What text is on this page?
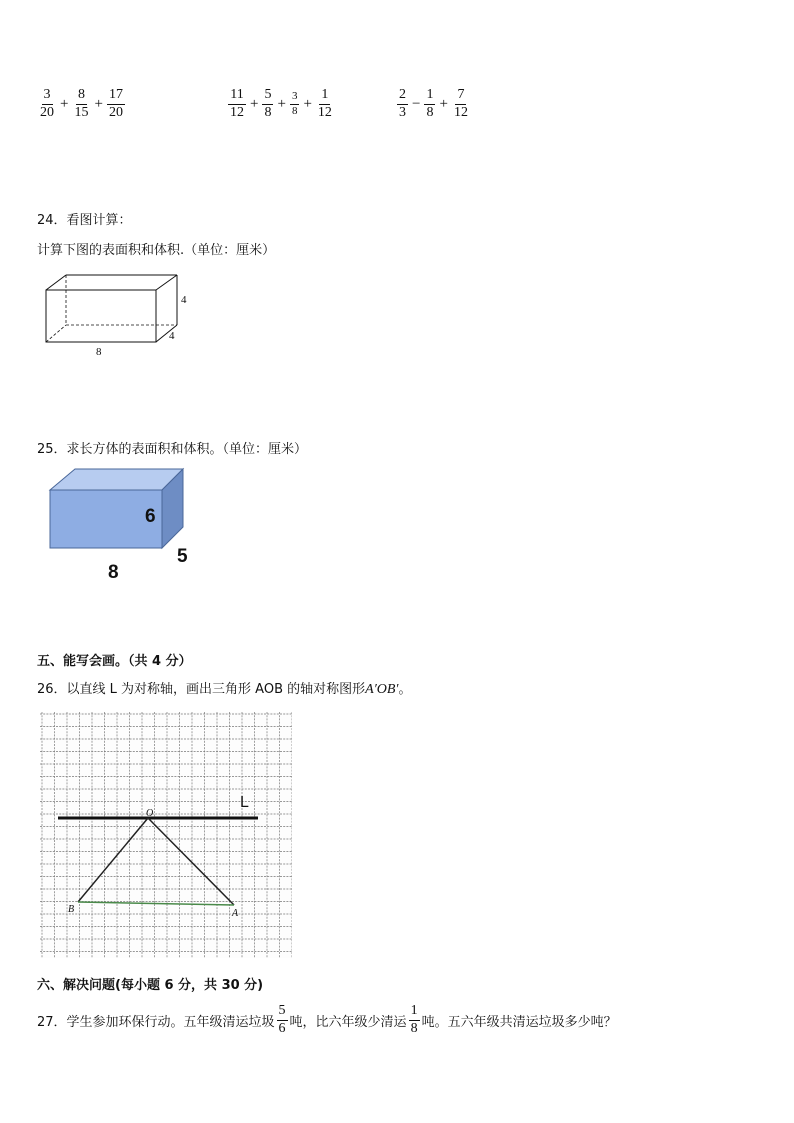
$\frac{3}{20} + \frac{8}{15} + \frac{17}{20}$	$\frac{11}{12} + \frac{5}{8} + \frac{3}{8} + \frac{1}{12}$	$\frac{2}{3} - \frac{1}{8} + \frac{7}{12}$
24．看图计算：
计算下图的表面积和体积.（单位：厘米）
4
4
8
25．求长方体的表面积和体积。（单位：厘米）
6
5
8
五、能写会画。（共 4 分）
26．以直线 L 为对称轴，画出三角形 AOB 的轴对称图形A′OB′。
L
O
B	A
六、解决问题(每小题 6 分，共 30 分)
27．学生参加环保行动。五年级清运垃圾 $\frac{5}{6}$ 吨，比六年级少清运 $\frac{1}{8}$ 吨。五六年级共清运垃圾多少吨？
